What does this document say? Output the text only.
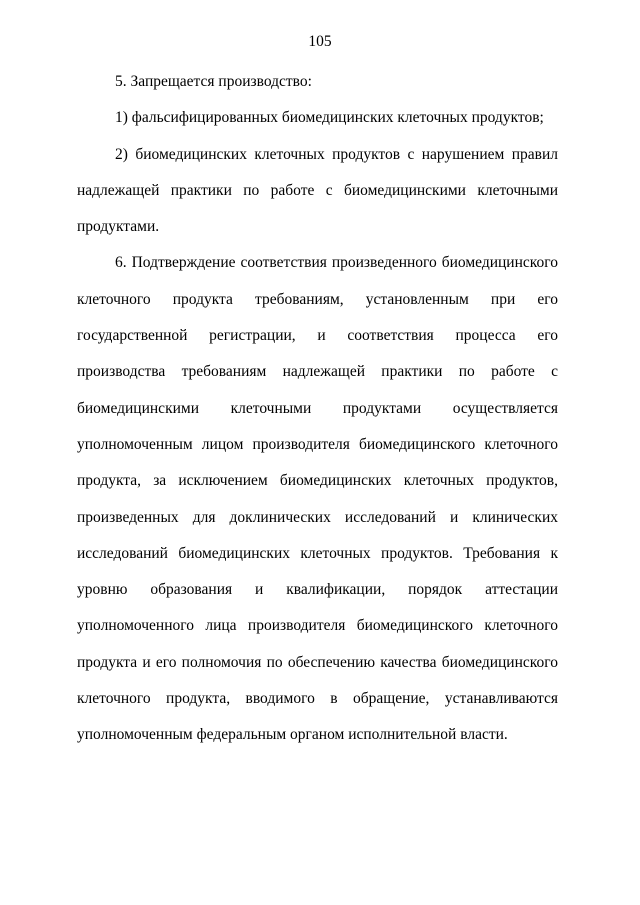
105

5. Запрещается производство:

1) фальсифицированных биомедицинских клеточных продуктов;

2) биомедицинских клеточных продуктов с нарушением правил надлежащей практики по работе с биомедицинскими клеточными продуктами.

6. Подтверждение соответствия произведенного биомедицинского клеточного продукта требованиям, установленным при его государственной регистрации, и соответствия процесса его производства требованиям надлежащей практики по работе с биомедицинскими клеточными продуктами осуществляется уполномоченным лицом производителя биомедицинского клеточного продукта, за исключением биомедицинских клеточных продуктов, произведенных для доклинических исследований и клинических исследований биомедицинских клеточных продуктов. Требования к уровню образования и квалификации, порядок аттестации уполномоченного лица производителя биомедицинского клеточного продукта и его полномочия по обеспечению качества биомедицинского клеточного продукта, вводимого в обращение, устанавливаются уполномоченным федеральным органом исполнительной власти.
